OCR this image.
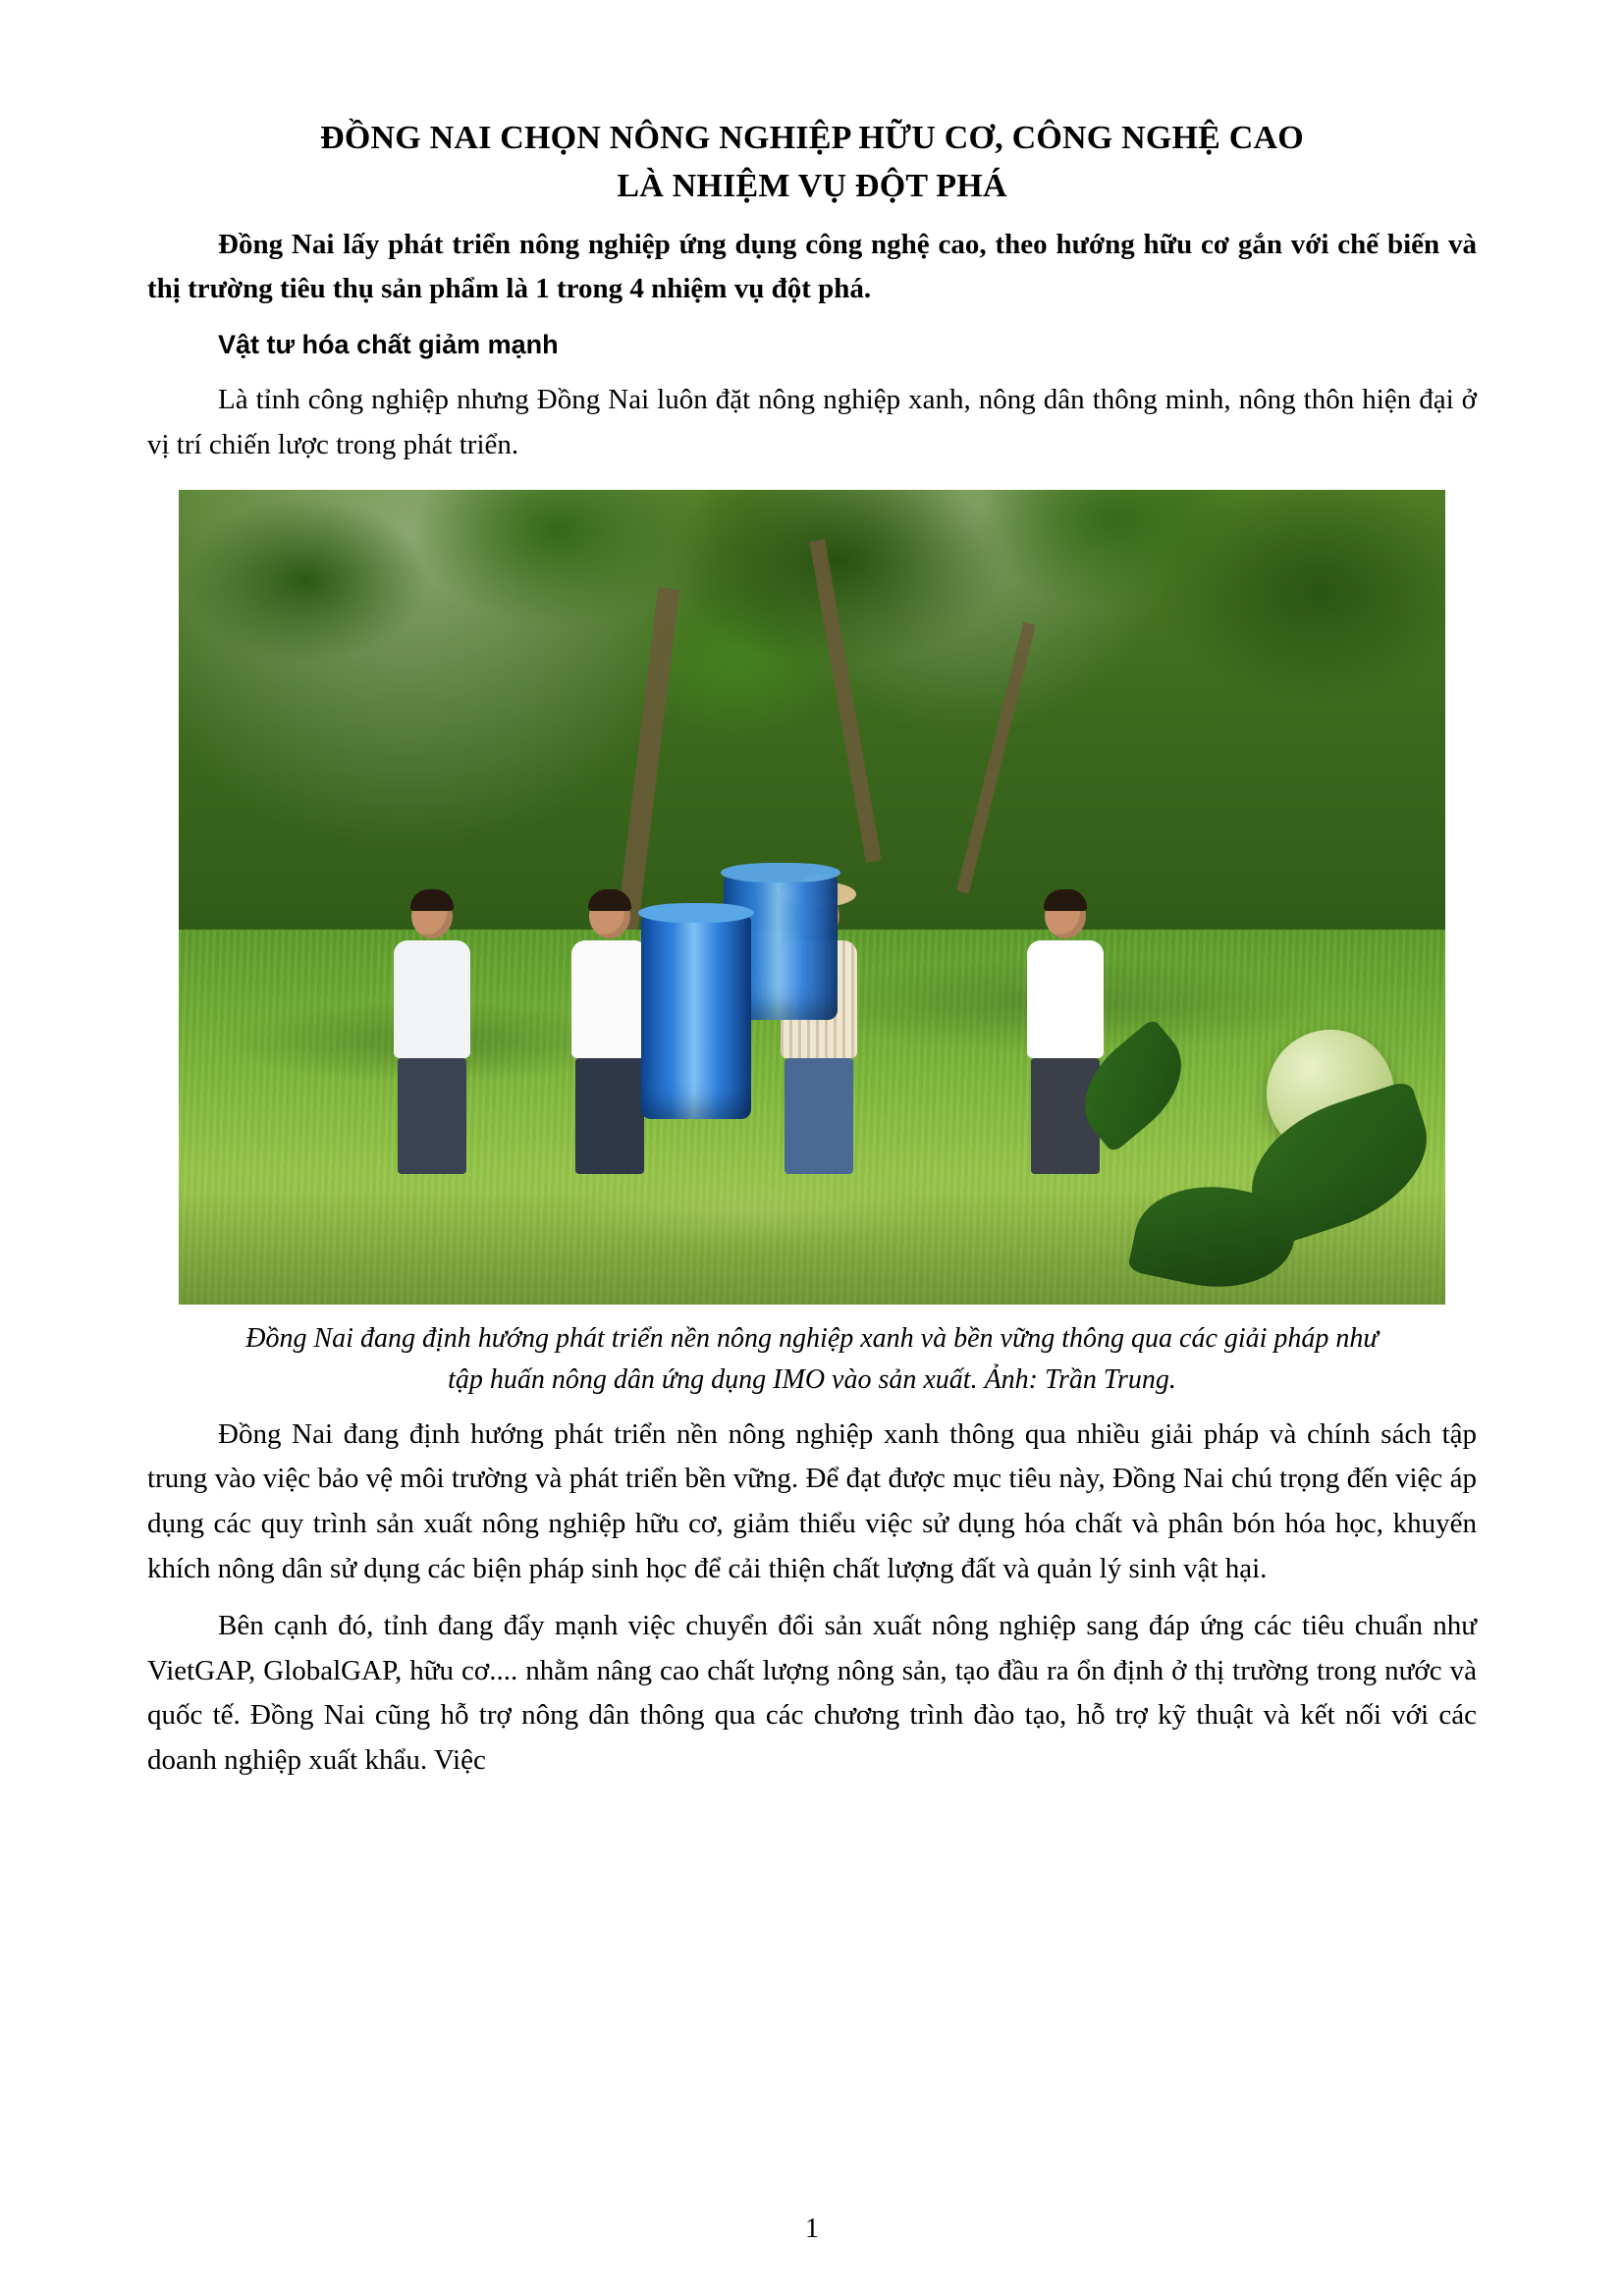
ĐỒNG NAI CHỌN NÔNG NGHIỆP HỮU CƠ, CÔNG NGHỆ CAO
LÀ NHIỆM VỤ ĐỘT PHÁ

Đồng Nai lấy phát triển nông nghiệp ứng dụng công nghệ cao, theo hướng hữu cơ gắn với chế biến và thị trường tiêu thụ sản phẩm là 1 trong 4 nhiệm vụ đột phá.

Vật tư hóa chất giảm mạnh

Là tỉnh công nghiệp nhưng Đồng Nai luôn đặt nông nghiệp xanh, nông dân thông minh, nông thôn hiện đại ở vị trí chiến lược trong phát triển.

Đồng Nai đang định hướng phát triển nền nông nghiệp xanh và bền vững thông qua các giải pháp như tập huấn nông dân ứng dụng IMO vào sản xuất. Ảnh: Trần Trung.

Đồng Nai đang định hướng phát triển nền nông nghiệp xanh thông qua nhiều giải pháp và chính sách tập trung vào việc bảo vệ môi trường và phát triển bền vững. Để đạt được mục tiêu này, Đồng Nai chú trọng đến việc áp dụng các quy trình sản xuất nông nghiệp hữu cơ, giảm thiểu việc sử dụng hóa chất và phân bón hóa học, khuyến khích nông dân sử dụng các biện pháp sinh học để cải thiện chất lượng đất và quản lý sinh vật hại.

Bên cạnh đó, tỉnh đang đẩy mạnh việc chuyển đổi sản xuất nông nghiệp sang đáp ứng các tiêu chuẩn như VietGAP, GlobalGAP, hữu cơ.... nhằm nâng cao chất lượng nông sản, tạo đầu ra ổn định ở thị trường trong nước và quốc tế. Đồng Nai cũng hỗ trợ nông dân thông qua các chương trình đào tạo, hỗ trợ kỹ thuật và kết nối với các doanh nghiệp xuất khẩu. Việc

1
